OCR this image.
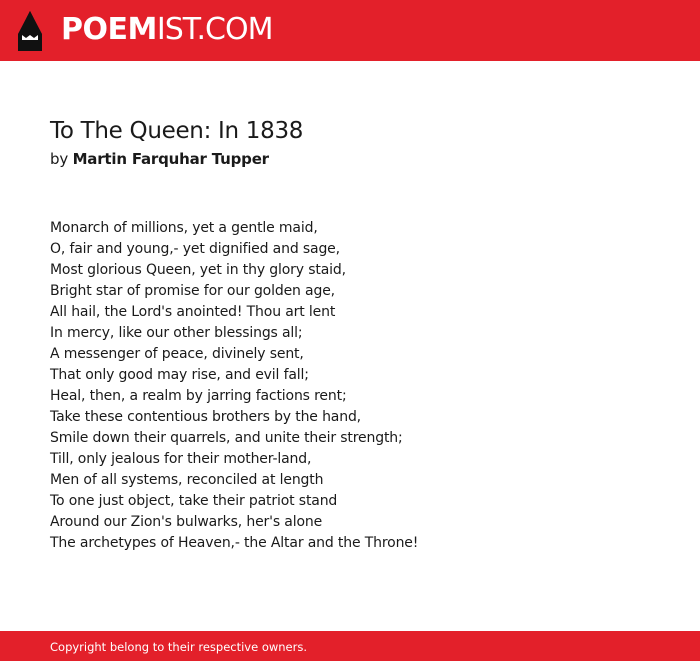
POEMIST.COM
To The Queen: In 1838
by Martin Farquhar Tupper
Monarch of millions, yet a gentle maid,
O, fair and young,- yet dignified and sage,
Most glorious Queen, yet in thy glory staid,
Bright star of promise for our golden age,
All hail, the Lord's anointed! Thou art lent
In mercy, like our other blessings all;
A messenger of peace, divinely sent,
That only good may rise, and evil fall;
Heal, then, a realm by jarring factions rent;
Take these contentious brothers by the hand,
Smile down their quarrels, and unite their strength;
Till, only jealous for their mother-land,
Men of all systems, reconciled at length
To one just object, take their patriot stand
Around our Zion's bulwarks, her's alone
The archetypes of Heaven,- the Altar and the Throne!
Copyright belong to their respective owners.
